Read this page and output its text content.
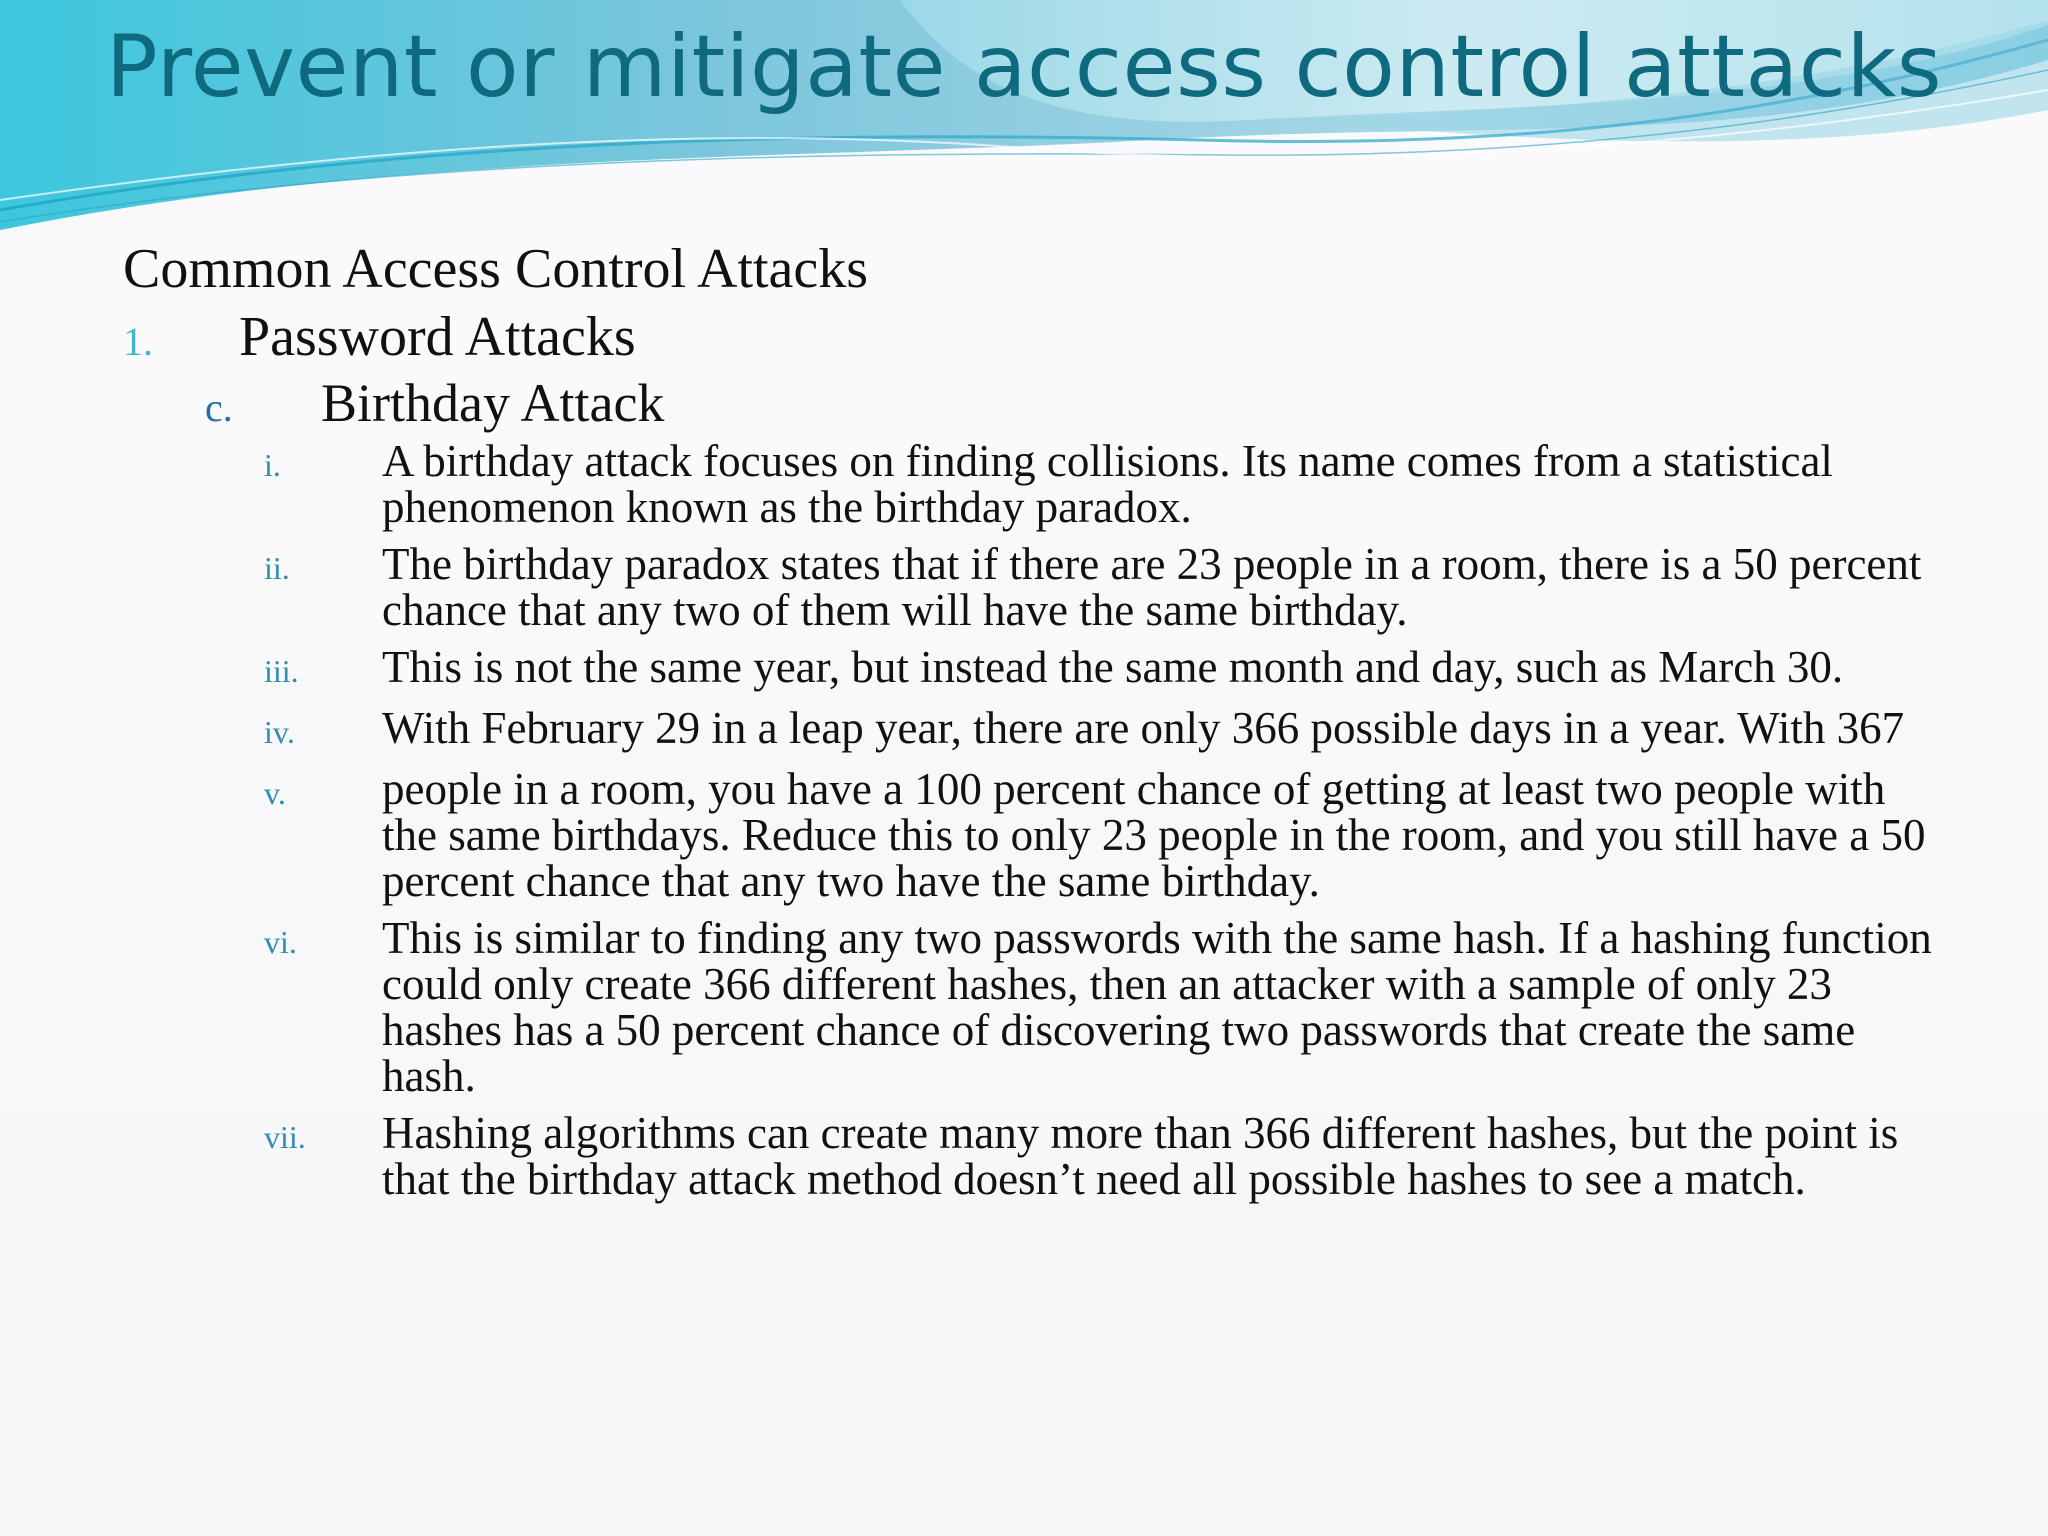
Prevent or mitigate access control attacks

Common Access Control Attacks

1.	Password Attacks
c.	Birthday Attack
i.	A birthday attack focuses on finding collisions. Its name comes from a statistical phenomenon known as the birthday paradox.
ii.	The birthday paradox states that if there are 23 people in a room, there is a 50 percent chance that any two of them will have the same birthday.
iii.	This is not the same year, but instead the same month and day, such as March 30.
iv.	With February 29 in a leap year, there are only 366 possible days in a year. With 367
v.	people in a room, you have a 100 percent chance of getting at least two people with the same birthdays. Reduce this to only 23 people in the room, and you still have a 50 percent chance that any two have the same birthday.
vi.	This is similar to finding any two passwords with the same hash. If a hashing function could only create 366 different hashes, then an attacker with a sample of only 23 hashes has a 50 percent chance of discovering two passwords that create the same hash.
vii.	Hashing algorithms can create many more than 366 different hashes, but the point is that the birthday attack method doesn’t need all possible hashes to see a match.
